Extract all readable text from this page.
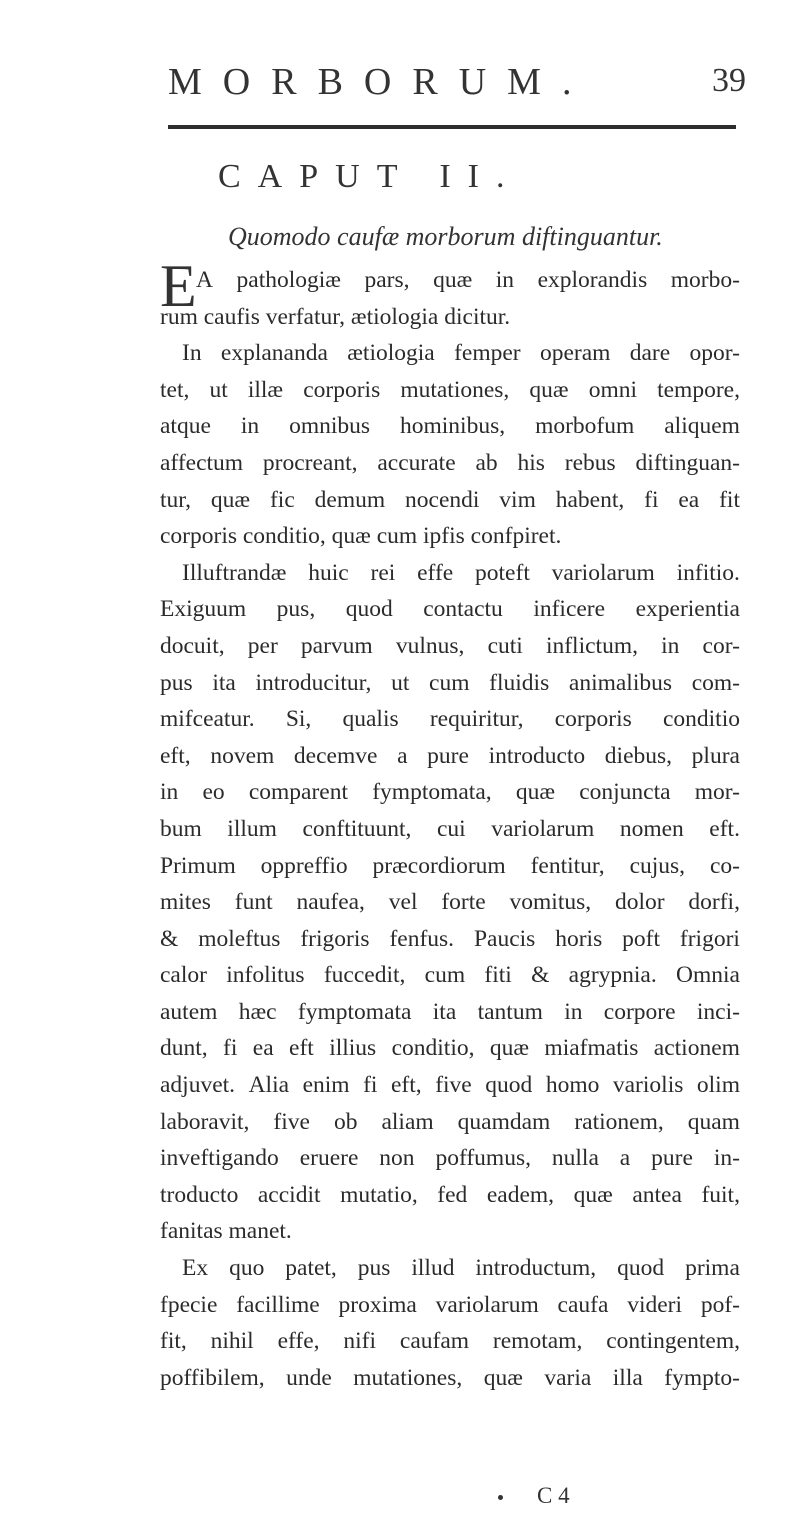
MORBORUM.	39
CAPUT II.
Quomodo caufæ morborum diftinguantur.
E A pathologiæ pars, quæ in explorandis morbo-
rum caufis verfatur, ætiologia dicitur.
In explananda ætiologia femper operam dare opor-
tet, ut illæ corporis mutationes, quæ omni tempore,
atque in omnibus hominibus, morbofum aliquem
affectum procreant, accurate ab his rebus diftinguan-
tur, quæ fic demum nocendi vim habent, fi ea fit
corporis conditio, quæ cum ipfis confpiret.
Illuftrandæ huic rei effe poteft variolarum infitio.
Exiguum pus, quod contactu inficere experientia
docuit, per parvum vulnus, cuti inflictum, in cor-
pus ita introducitur, ut cum fluidis animalibus com-
mifceatur. Si, qualis requiritur, corporis conditio
eft, novem decemve a pure introducto diebus, plura
in eo comparent fymptomata, quæ conjuncta mor-
bum illum conftituunt, cui variolarum nomen eft.
Primum oppreffio præcordiorum fentitur, cujus, co-
mites funt naufea, vel forte vomitus, dolor dorfi,
& moleftus frigoris fenfus. Paucis horis poft frigori
calor infolitus fuccedit, cum fiti & agrypnia. Omnia
autem hæc fymptomata ita tantum in corpore inci-
dunt, fi ea eft illius conditio, quæ miafmatis actionem
adjuvet. Alia enim fi eft, five quod homo variolis olim
laboravit, five ob aliam quamdam rationem, quam
inveftigando eruere non poffumus, nulla a pure in-
troducto accidit mutatio, fed eadem, quæ antea fuit,
fanitas manet.
Ex quo patet, pus illud introductum, quod prima
fpecie facillime proxima variolarum caufa videri pof-
fit, nihil effe, nifi caufam remotam, contingentem,
poffibilem, unde mutationes, quæ varia illa fympto-
C 4
